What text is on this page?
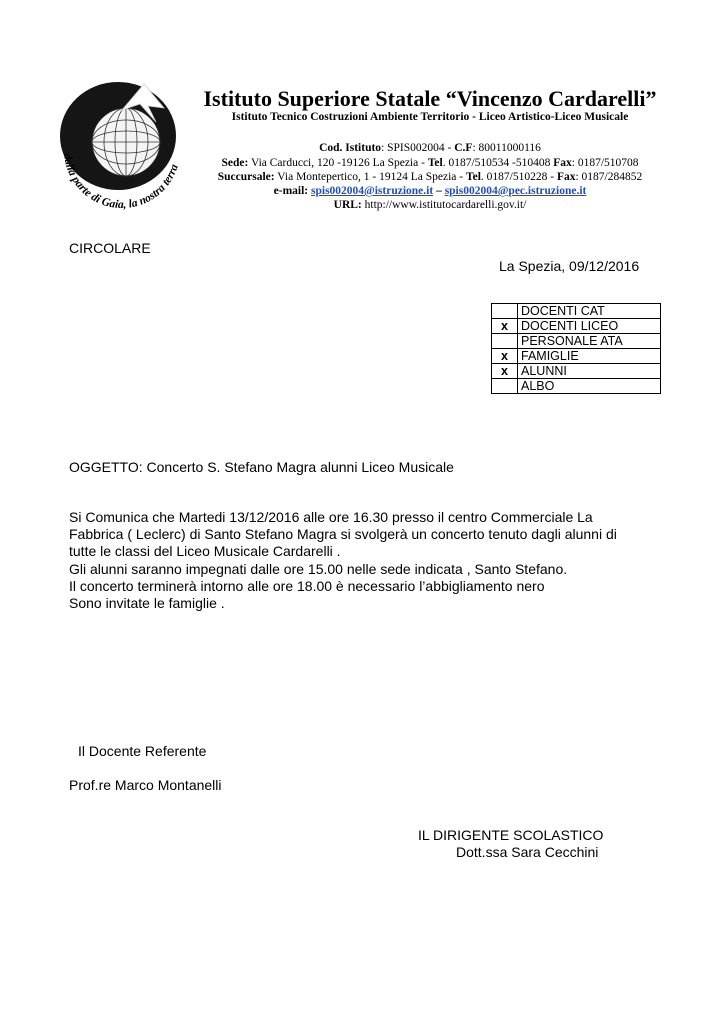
dalla parte di Gaia, la nostra terra
Istituto Superiore Statale “Vincenzo Cardarelli”
Istituto Tecnico Costruzioni Ambiente Territorio - Liceo Artistico-Liceo Musicale
Cod. Istituto: SPIS002004 - C.F: 80011000116
Sede: Via Carducci, 120 -19126 La Spezia - Tel. 0187/510534 -510408 Fax: 0187/510708
Succursale: Via Montepertico, 1 - 19124 La Spezia - Tel. 0187/510228 - Fax: 0187/284852
e-mail: spis002004@istruzione.it – spis002004@pec.istruzione.it
URL: http://www.istitutocardarelli.gov.it/
CIRCOLARE
La Spezia, 09/12/2016
	DOCENTI CAT
x	DOCENTI LICEO
	PERSONALE ATA
x	FAMIGLIE
x	ALUNNI
	ALBO
OGGETTO: Concerto S. Stefano Magra alunni Liceo Musicale
Si Comunica che Martedi 13/12/2016 alle ore 16.30 presso il centro Commerciale La
Fabbrica ( Leclerc) di Santo Stefano Magra si svolgerà un concerto tenuto dagli alunni di
tutte le classi del Liceo Musicale Cardarelli .
Gli alunni saranno impegnati dalle ore 15.00 nelle sede indicata , Santo Stefano.
Il concerto terminerà intorno alle ore 18.00 è necessario l’abbigliamento nero
Sono invitate le famiglie .
Il Docente Referente
Prof.re Marco Montanelli
IL DIRIGENTE SCOLASTICO
Dott.ssa Sara Cecchini
